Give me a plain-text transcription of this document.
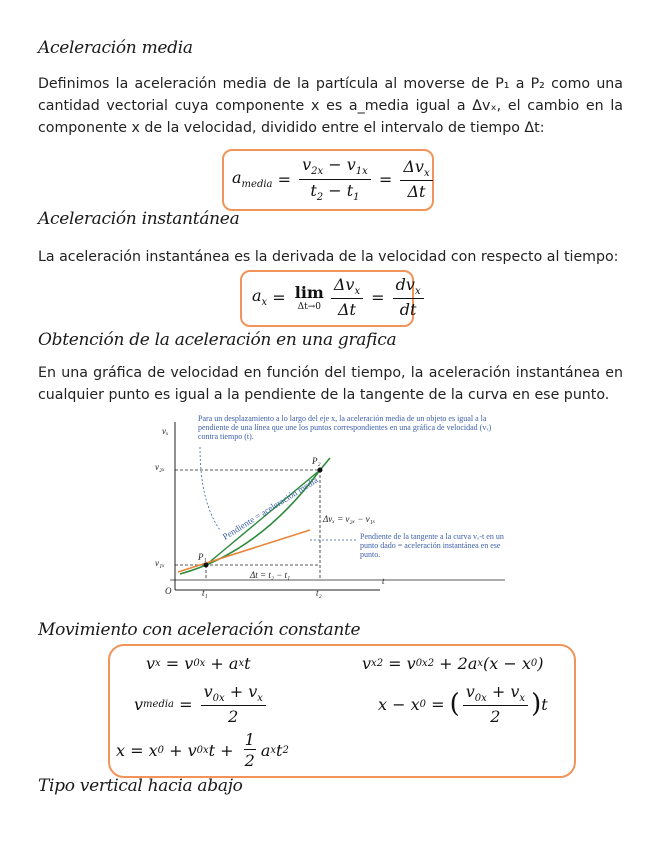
Aceleración media
Definimos la aceleración media de la partícula al moverse de P₁ a P₂ como una cantidad vectorial cuya componente x es a_media igual a Δvₓ, el cambio en la componente x de la velocidad, dividido entre el intervalo de tiempo Δt:
$a_{media} = \frac{v_{2x} - v_{1x}}{t_2 - t_1} = \frac{\Delta v_x}{\Delta t}$
Aceleración instantánea
La aceleración instantánea es la derivada de la velocidad con respecto al tiempo:
$a_x = \lim$
$\Delta t\to 0 \frac{\Delta v_x}{\Delta t} = \frac{dv_x}{dt}$
Obtención de la aceleración en una grafica
En una gráfica de velocidad en función del tiempo, la aceleración instantánea en cualquier punto es igual a la pendiente de la tangente de la curva en ese punto.
vₓ
t
O
v₂ₓ
v₁ₓ
t₁	t₂
P₁
P₂
Δvₓ = v₂ₓ − v₁ₓ
Δt = t₂ − t₁
Pendiente = aceleración media
Para un desplazamiento a lo largo del eje x, la aceleración media de un objeto es igual a la pendiente de una línea que une los puntos correspondientes en una gráfica de velocidad (vₓ) contra tiempo (t).
Pendiente de la tangente a la curva vₓ-t en un punto dado = aceleración instantánea en ese punto.
Movimiento con aceleración constante
v x = v 0x + a x t	v x 2 = v 0x 2 + 2a x (x − x 0 )
v media = $\frac{v_{0x} + v_x}{2}$	x − x 0 = ( $\frac{v_{0x} + v_x}{2}$ ) t
x = x 0 + v 0x $t + \frac{1}{2}$ a x t 2
Tipo vertical hacia abajo
